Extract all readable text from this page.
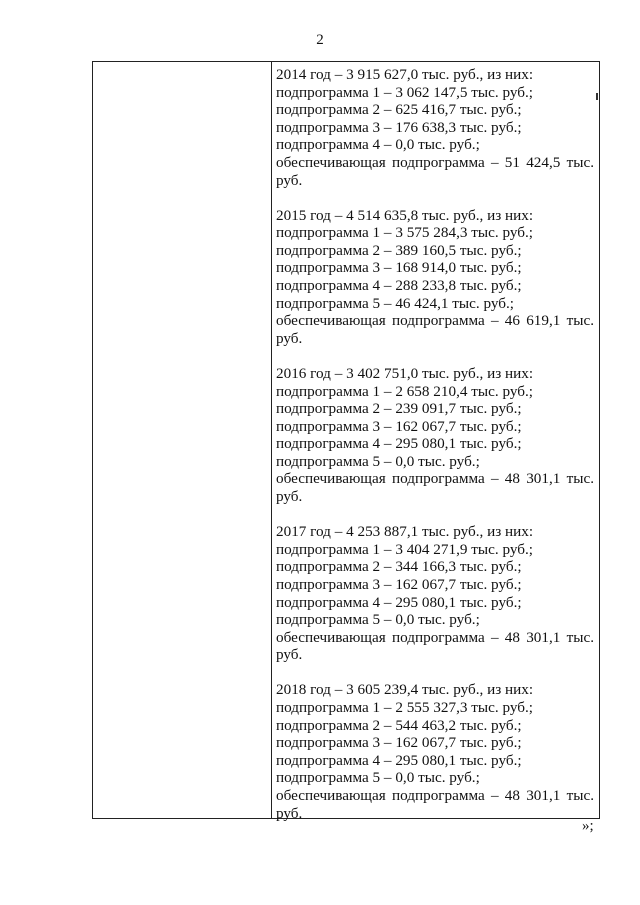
2
2014 год – 3 915 627,0 тыс. руб., из них:
подпрограмма 1 – 3 062 147,5 тыс. руб.;
подпрограмма 2 – 625 416,7 тыс. руб.;
подпрограмма 3 – 176 638,3 тыс. руб.;
подпрограмма 4 – 0,0 тыс. руб.;
обеспечивающая подпрограмма – 51 424,5 тыс.
руб.
2015 год – 4 514 635,8 тыс. руб., из них:
подпрограмма 1 – 3 575 284,3 тыс. руб.;
подпрограмма 2 – 389 160,5 тыс. руб.;
подпрограмма 3 – 168 914,0 тыс. руб.;
подпрограмма 4 – 288 233,8 тыс. руб.;
подпрограмма 5 – 46 424,1 тыс. руб.;
обеспечивающая подпрограмма – 46 619,1 тыс.
руб.
2016 год – 3 402 751,0 тыс. руб., из них:
подпрограмма 1 – 2 658 210,4 тыс. руб.;
подпрограмма 2 – 239 091,7 тыс. руб.;
подпрограмма 3 – 162 067,7 тыс. руб.;
подпрограмма 4 – 295 080,1 тыс. руб.;
подпрограмма 5 – 0,0 тыс. руб.;
обеспечивающая подпрограмма – 48 301,1 тыс.
руб.
2017 год – 4 253 887,1 тыс. руб., из них:
подпрограмма 1 – 3 404 271,9 тыс. руб.;
подпрограмма 2 – 344 166,3 тыс. руб.;
подпрограмма 3 – 162 067,7 тыс. руб.;
подпрограмма 4 – 295 080,1 тыс. руб.;
подпрограмма 5 – 0,0 тыс. руб.;
обеспечивающая подпрограмма – 48 301,1 тыс.
руб.
2018 год – 3 605 239,4 тыс. руб., из них:
подпрограмма 1 – 2 555 327,3 тыс. руб.;
подпрограмма 2 – 544 463,2 тыс. руб.;
подпрограмма 3 – 162 067,7 тыс. руб.;
подпрограмма 4 – 295 080,1 тыс. руб.;
подпрограмма 5 – 0,0 тыс. руб.;
обеспечивающая подпрограмма – 48 301,1 тыс.
руб.
»;
